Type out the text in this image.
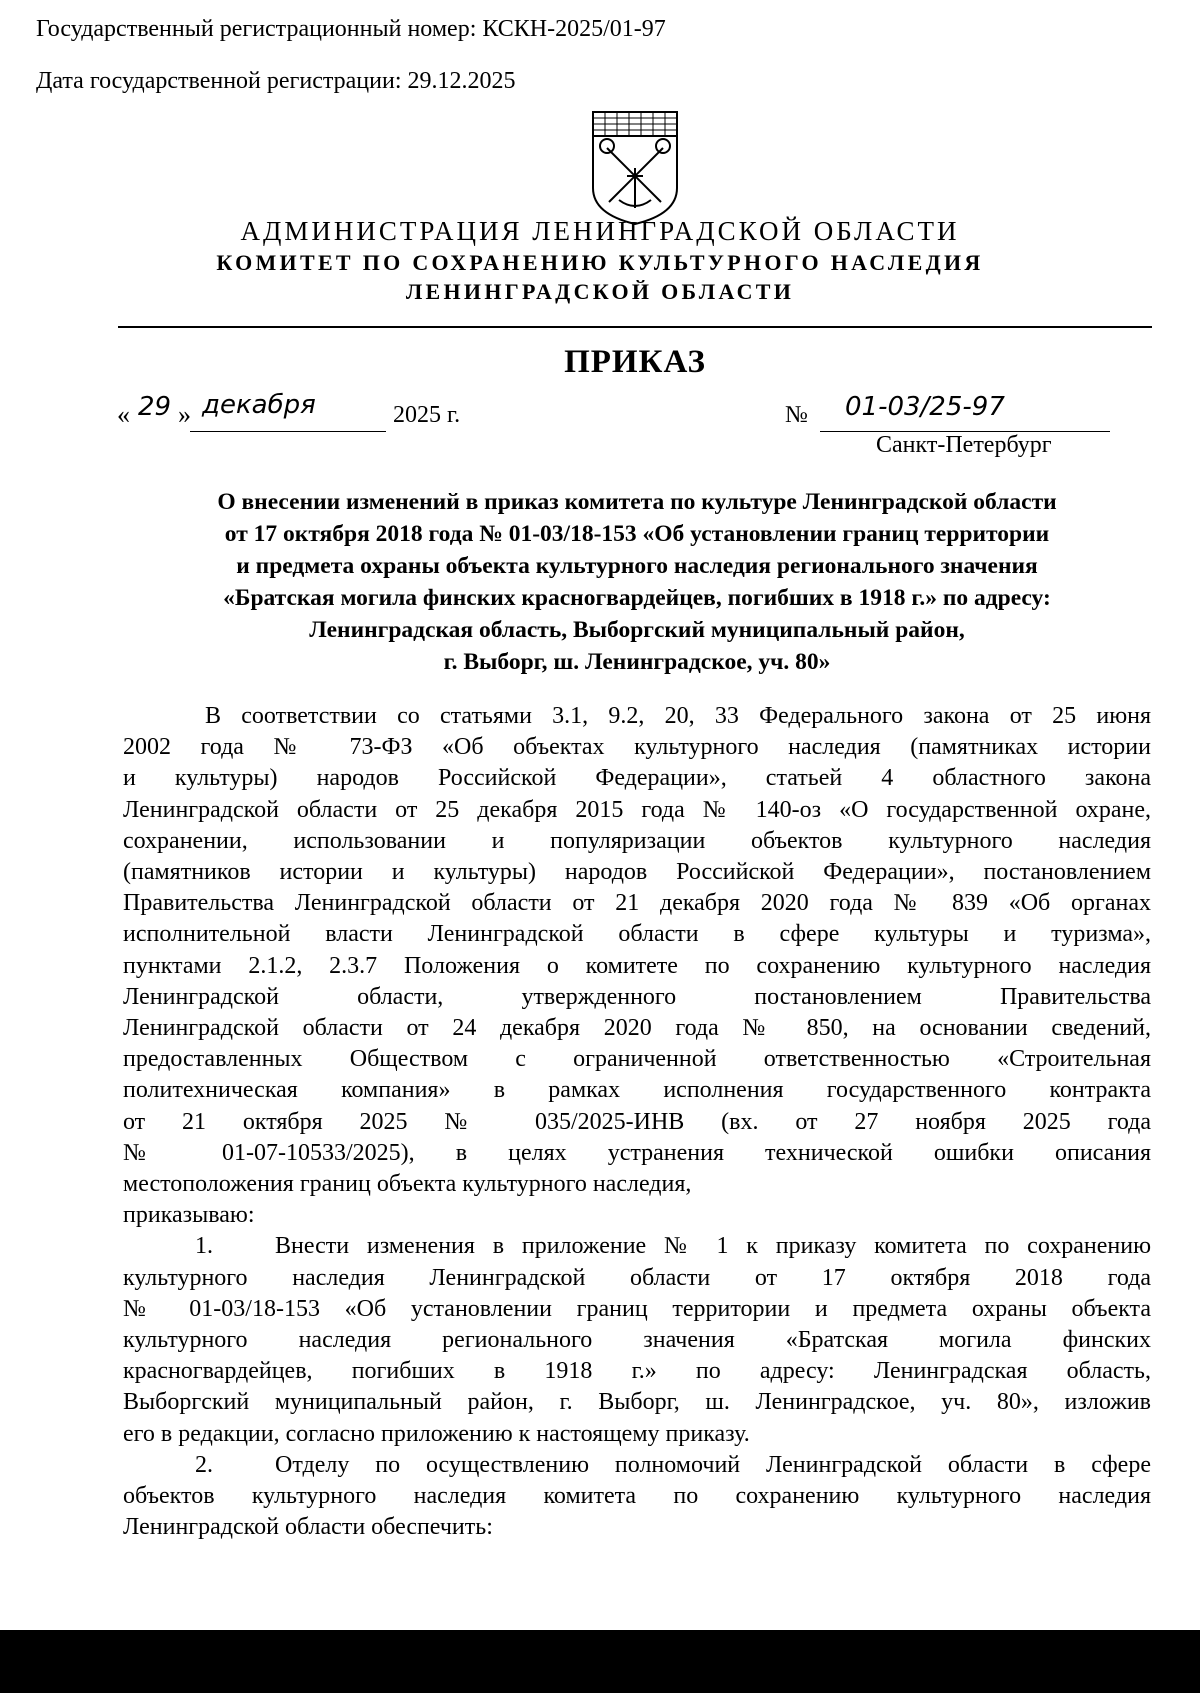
Государственный регистрационный номер: КСКН-2025/01-97
Дата государственной регистрации: 29.12.2025
АДМИНИСТРАЦИЯ ЛЕНИНГРАДСКОЙ ОБЛАСТИ
КОМИТЕТ ПО СОХРАНЕНИЮ КУЛЬТУРНОГО НАСЛЕДИЯ
ЛЕНИНГРАДСКОЙ ОБЛАСТИ
ПРИКАЗ
« 29 » декабря	2025 г.	№ 01-03/25-97
Санкт-Петербург
О внесении изменений в приказ комитета по культуре Ленинградской области
от 17 октября 2018 года № 01-03/18-153 «Об установлении границ территории
и предмета охраны объекта культурного наследия регионального значения
«Братская могила финских красногвардейцев, погибших в 1918 г.» по адресу:
Ленинградская область, Выборгский муниципальный район,
г. Выборг, ш. Ленинградское, уч. 80»
В соответствии со статьями 3.1, 9.2, 20, 33 Федерального закона от 25 июня
2002 года № 73-ФЗ «Об объектах культурного наследия (памятниках истории
и культуры) народов Российской Федерации», статьей 4 областного закона
Ленинградской области от 25 декабря 2015 года № 140-оз «О государственной охране,
сохранении, использовании и популяризации объектов культурного наследия
(памятников истории и культуры) народов Российской Федерации», постановлением
Правительства Ленинградской области от 21 декабря 2020 года № 839 «Об органах
исполнительной власти Ленинградской области в сфере культуры и туризма»,
пунктами 2.1.2, 2.3.7 Положения о комитете по сохранению культурного наследия
Ленинградской области, утвержденного постановлением Правительства
Ленинградской области от 24 декабря 2020 года № 850, на основании сведений,
предоставленных Обществом с ограниченной ответственностью «Строительная
политехническая компания» в рамках исполнения государственного контракта
от 21 октября 2025 № 035/2025-ИНВ (вх. от 27 ноября 2025 года
№ 01-07-10533/2025), в целях устранения технической ошибки описания
местоположения границ объекта культурного наследия,
приказываю:
1.	Внести изменения в приложение № 1 к приказу комитета по сохранению
культурного наследия Ленинградской области от 17 октября 2018 года
№ 01-03/18-153 «Об установлении границ территории и предмета охраны объекта
культурного наследия регионального значения «Братская могила финских
красногвардейцев, погибших в 1918 г.» по адресу: Ленинградская область,
Выборгский муниципальный район, г. Выборг, ш. Ленинградское, уч. 80», изложив
его в редакции, согласно приложению к настоящему приказу.
2.	Отделу по осуществлению полномочий Ленинградской области в сфере
объектов культурного наследия комитета по сохранению культурного наследия
Ленинградской области обеспечить:
